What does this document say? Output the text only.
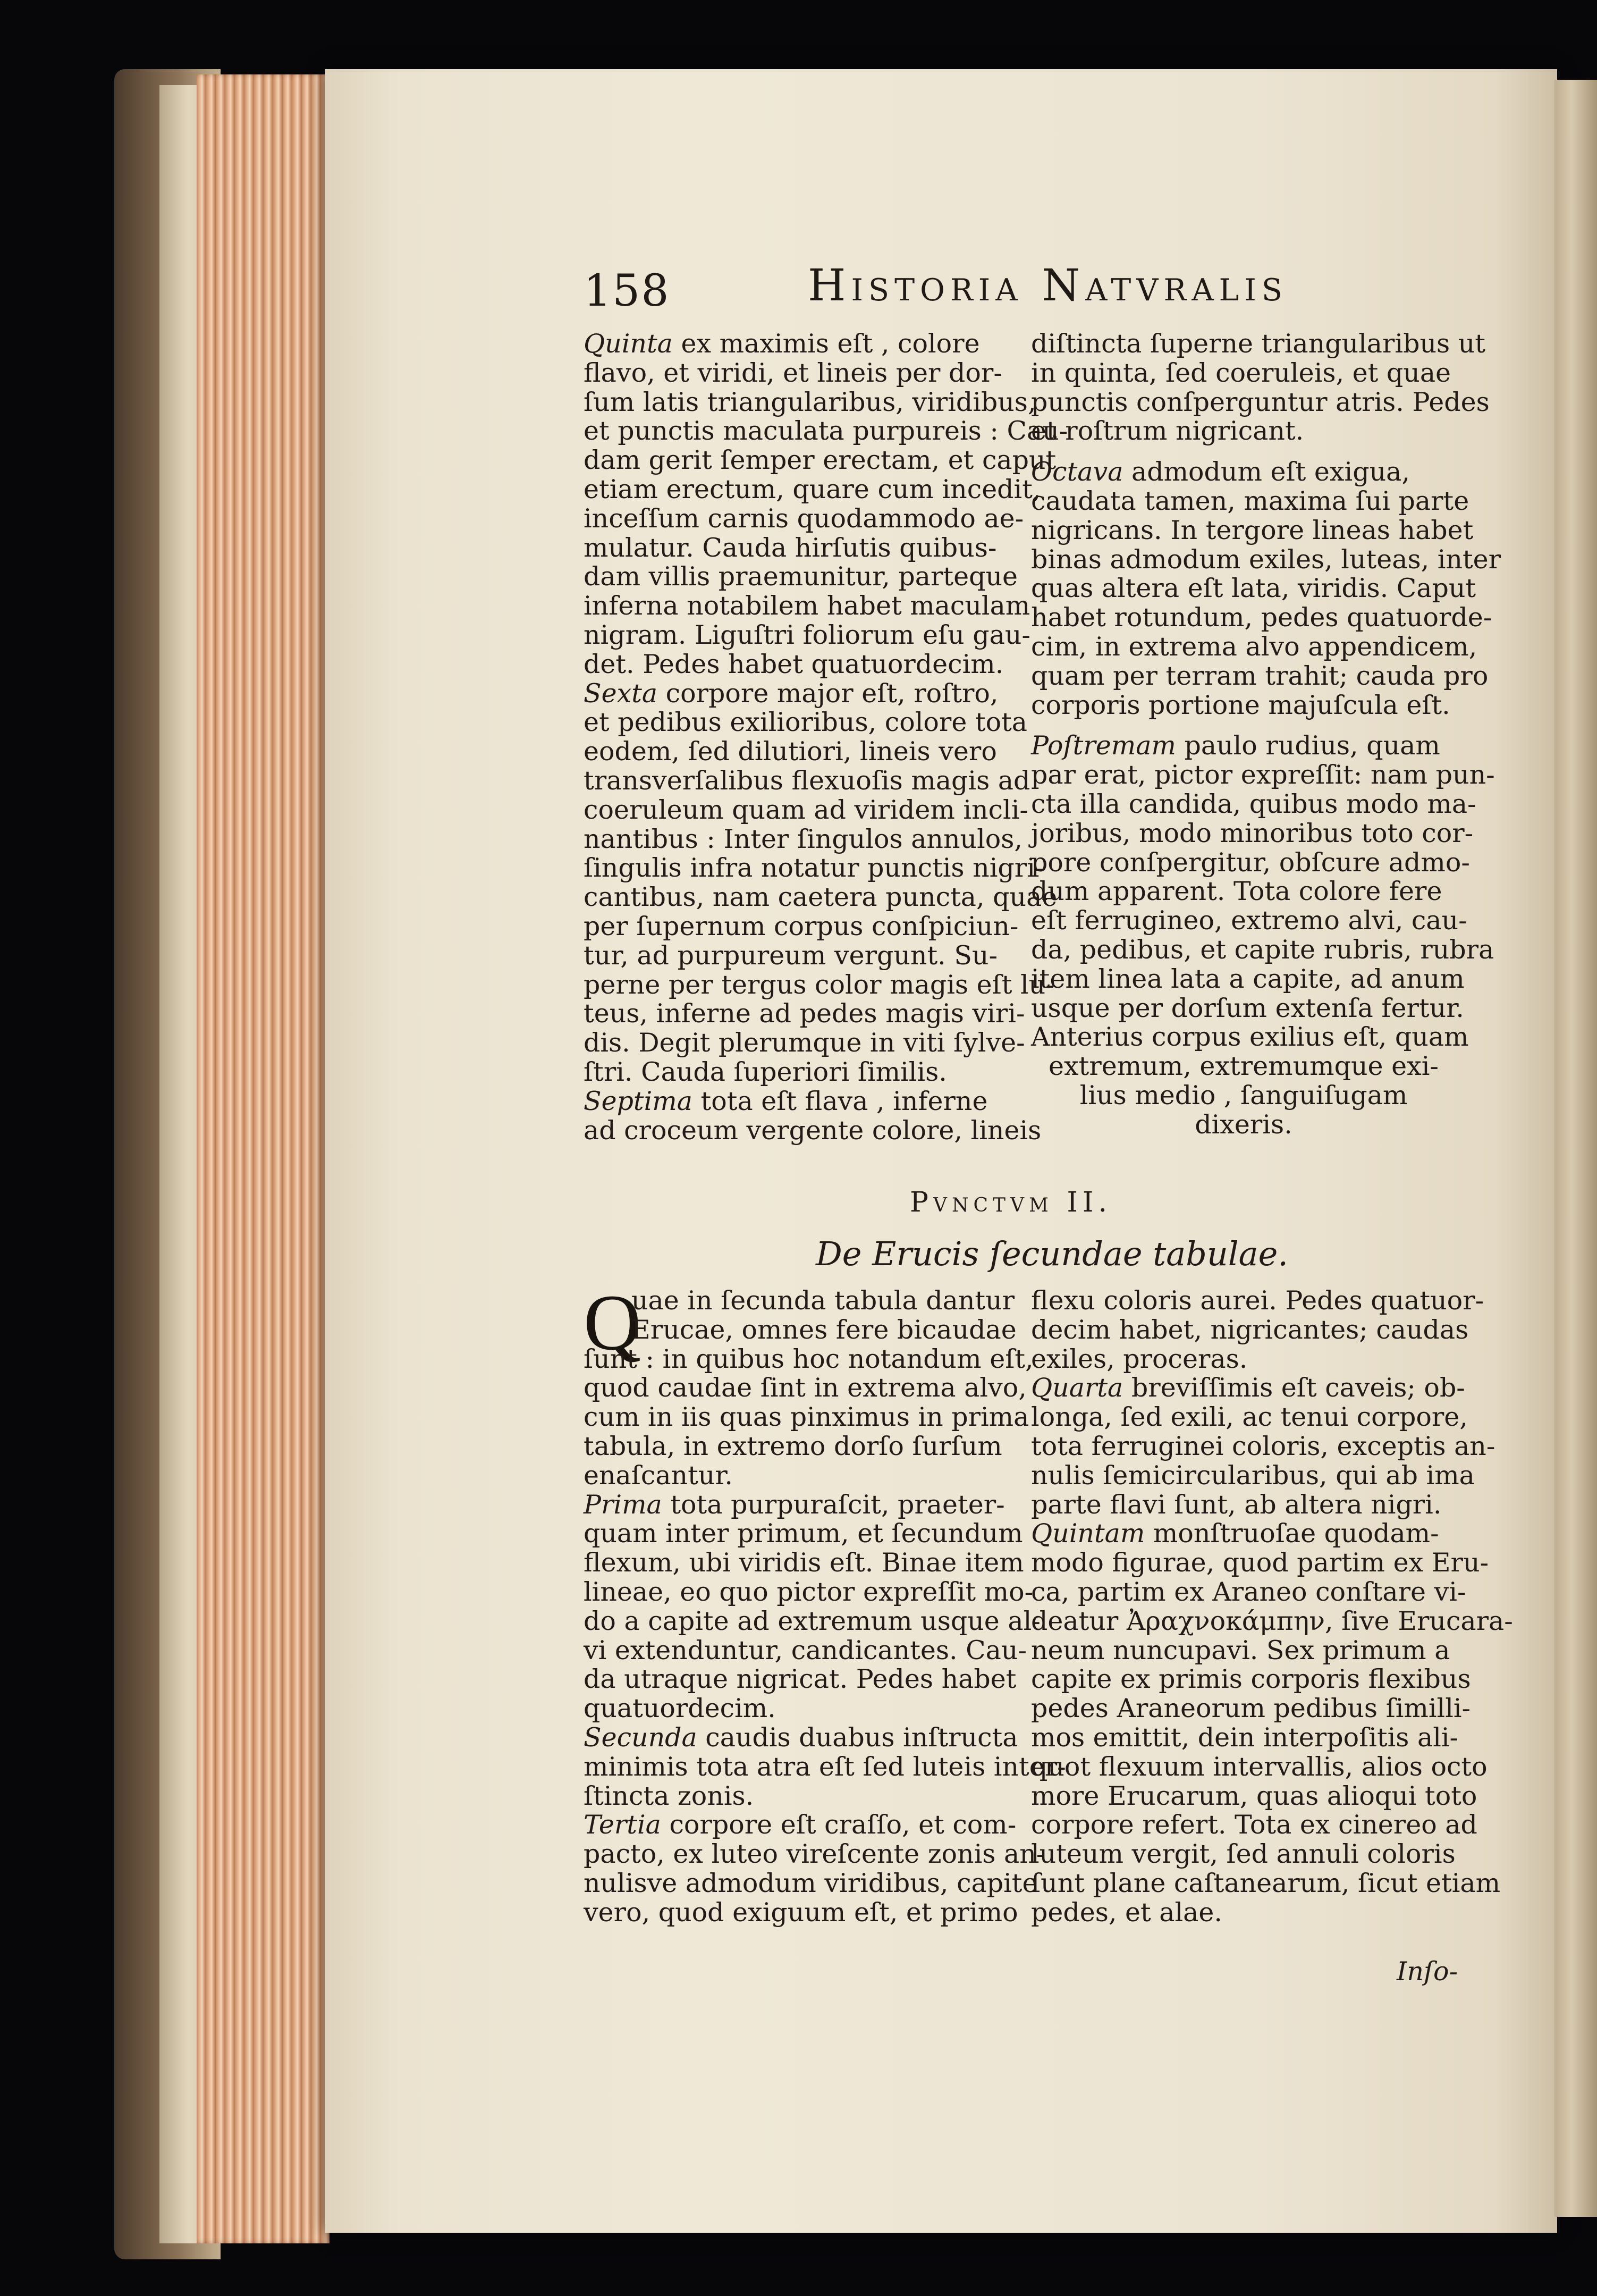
158	Historia Natvralis
Quinta ex maximis eſt , colore
flavo, et viridi, et lineis per dor-
ſum latis triangularibus, viridibus,
et punctis maculata purpureis : Cau-
dam gerit ſemper erectam, et caput
etiam erectum, quare cum incedit,
inceſſum carnis quodammodo ae-
mulatur. Cauda hirſutis quibus-
dam villis praemunitur, parteque
inferna notabilem habet maculam
nigram. Liguſtri foliorum eſu gau-
det. Pedes habet quatuordecim.
Sexta corpore major eſt, roſtro,
et pedibus exilioribus, colore tota
eodem, ſed dilutiori, lineis vero
transverſalibus flexuoſis magis ad
coeruleum quam ad viridem incli-
nantibus : Inter ſingulos annulos,
ſingulis infra notatur punctis nigri-
cantibus, nam caetera puncta, quae
per ſupernum corpus conſpiciun-
tur, ad purpureum vergunt. Su-
perne per tergus color magis eſt lu-
teus, inferne ad pedes magis viri-
dis. Degit plerumque in viti ſylve-
ſtri. Cauda ſuperiori ſimilis.
Septima tota eſt flava , inferne
ad croceum vergente colore, lineis
diſtincta ſuperne triangularibus ut
in quinta, ſed coeruleis, et quae
punctis conſperguntur atris. Pedes
et roſtrum nigricant.
Octava admodum eſt exigua,
caudata tamen, maxima ſui parte
nigricans. In tergore lineas habet
binas admodum exiles, luteas, inter
quas altera eſt lata, viridis. Caput
habet rotundum, pedes quatuorde-
cim, in extrema alvo appendicem,
quam per terram trahit; cauda pro
corporis portione majuſcula eſt.
Poſtremam paulo rudius, quam
par erat, pictor expreſſit: nam pun-
cta illa candida, quibus modo ma-
joribus, modo minoribus toto cor-
pore conſpergitur, obſcure admo-
dum apparent. Tota colore fere
eſt ferrugineo, extremo alvi, cau-
da, pedibus, et capite rubris, rubra
item linea lata a capite, ad anum
usque per dorſum extenſa fertur.
Anterius corpus exilius eſt, quam
extremum, extremumque exi-
lius medio , ſanguiſugam
dixeris.
Pvnctvm II.
De Erucis ſecundae tabulae.
Q
uae in ſecunda tabula dantur
Erucae, omnes fere bicaudae
ſunt : in quibus hoc notandum eſt,
quod caudae ſint in extrema alvo,
cum in iis quas pinximus in prima
tabula, in extremo dorſo ſurſum
enaſcantur.
Prima tota purpuraſcit, praeter-
quam inter primum, et ſecundum
flexum, ubi viridis eſt. Binae item
lineae, eo quo pictor expreſſit mo-
do a capite ad extremum usque al-
vi extenduntur, candicantes. Cau-
da utraque nigricat. Pedes habet
quatuordecim.
Secunda caudis duabus inſtructa
minimis tota atra eſt ſed luteis inter-
ſtincta zonis.
Tertia corpore eſt craſſo, et com-
pacto, ex luteo vireſcente zonis an-
nulisve admodum viridibus, capite
vero, quod exiguum eſt, et primo
flexu coloris aurei. Pedes quatuor-
decim habet, nigricantes; caudas
exiles, proceras.
Quarta breviſſimis eſt caveis; ob-
longa, ſed exili, ac tenui corpore,
tota ferruginei coloris, exceptis an-
nulis ſemicircularibus, qui ab ima
parte flavi ſunt, ab altera nigri.
Quintam monſtruoſae quodam-
modo figurae, quod partim ex Eru-
ca, partim ex Araneo conſtare vi-
deatur Ἀραχνοκάμπην, ſive Erucara-
neum nuncupavi. Sex primum a
capite ex primis corporis flexibus
pedes Araneorum pedibus ſimilli-
mos emittit, dein interpoſitis ali-
quot flexuum intervallis, alios octo
more Erucarum, quas alioqui toto
corpore refert. Tota ex cinereo ad
luteum vergit, ſed annuli coloris
ſunt plane caſtanearum, ſicut etiam
pedes, et alae.
Inſo-
